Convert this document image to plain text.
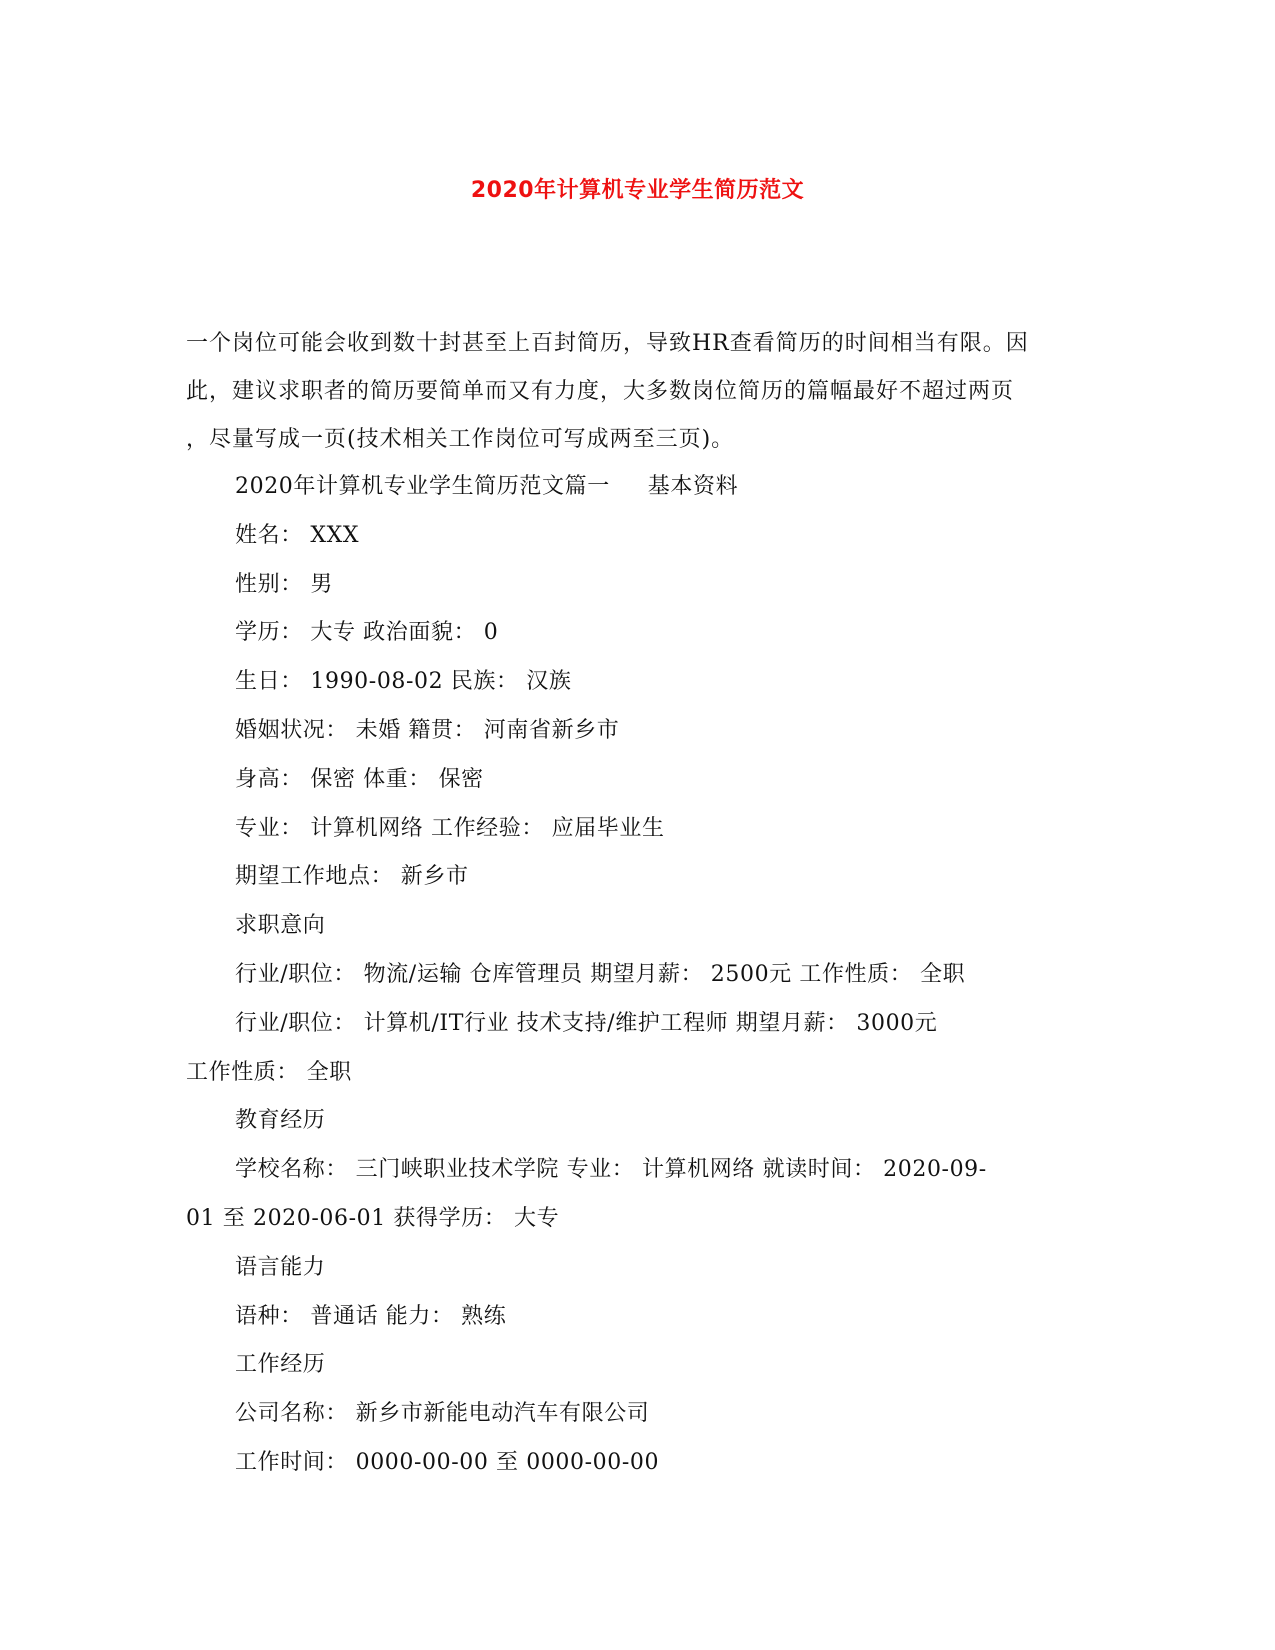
2020年计算机专业学生简历范文
一个岗位可能会收到数十封甚至上百封简历，导致HR查看简历的时间相当有限。因
此，建议求职者的简历要简单而又有力度，大多数岗位简历的篇幅最好不超过两页
，尽量写成一页(技术相关工作岗位可写成两至三页)。
2020年计算机专业学生简历范文篇一 基本资料
姓名： XXX
性别： 男
学历： 大专 政治面貌： 0
生日： 1990-08-02 民族： 汉族
婚姻状况： 未婚 籍贯： 河南省新乡市
身高： 保密 体重： 保密
专业： 计算机网络 工作经验： 应届毕业生
期望工作地点： 新乡市
求职意向
行业/职位： 物流/运输 仓库管理员 期望月薪： 2500元 工作性质： 全职
行业/职位： 计算机/IT行业 技术支持/维护工程师 期望月薪： 3000元
工作性质： 全职
教育经历
学校名称： 三门峡职业技术学院 专业： 计算机网络 就读时间： 2020-09-
01 至 2020-06-01 获得学历： 大专
语言能力
语种： 普通话 能力： 熟练
工作经历
公司名称： 新乡市新能电动汽车有限公司
工作时间： 0000-00-00 至 0000-00-00
